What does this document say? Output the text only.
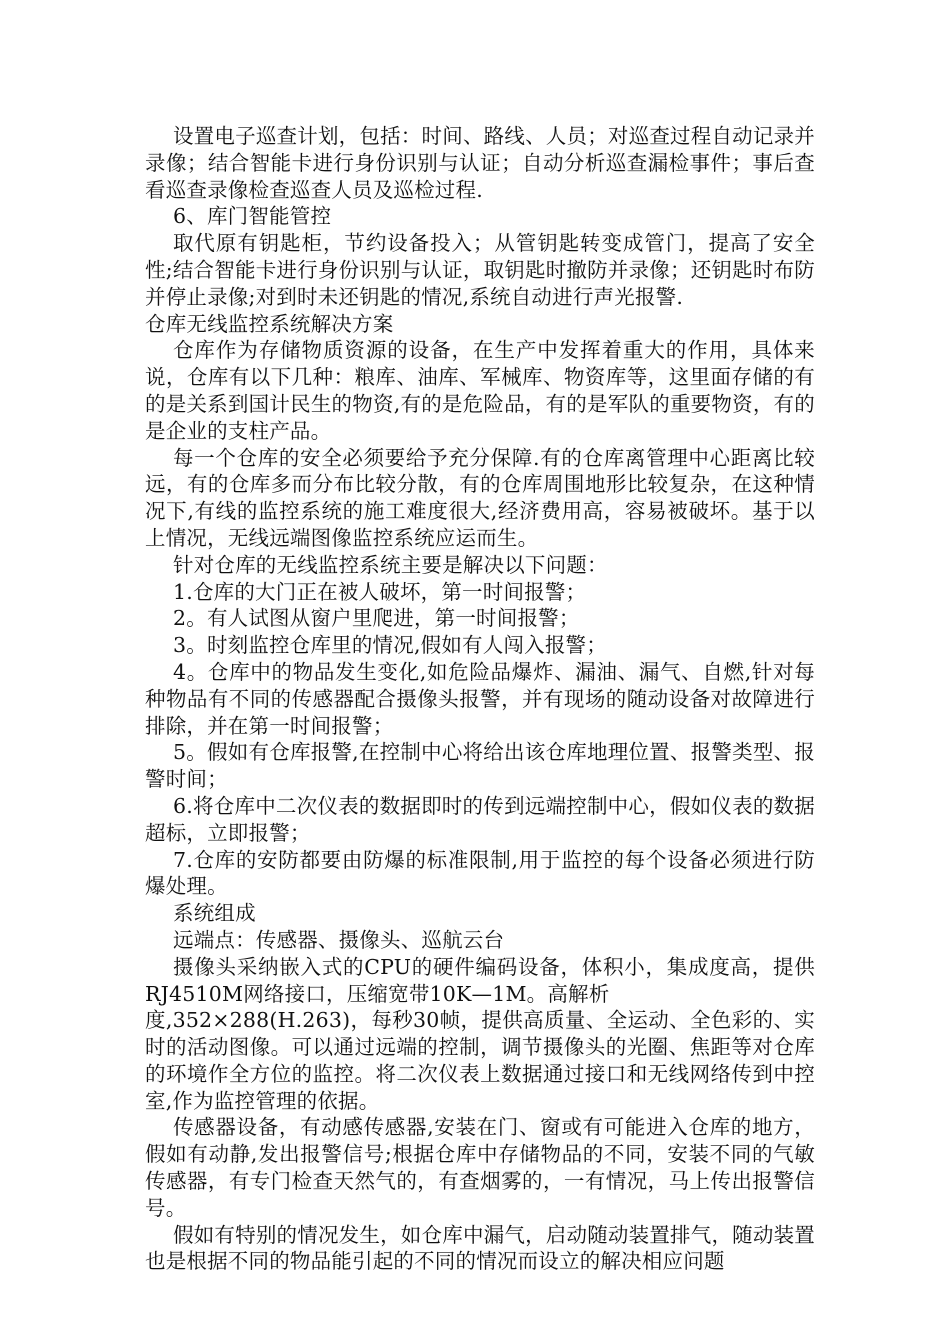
设置电子巡查计划，包括：时间、路线、人员；对巡查过程自动记录并录像；结合智能卡进行身份识别与认证；自动分析巡查漏检事件；事后查看巡查录像检查巡查人员及巡检过程.

6、库门智能管控

取代原有钥匙柜，节约设备投入；从管钥匙转变成管门，提高了安全性;结合智能卡进行身份识别与认证，取钥匙时撤防并录像；还钥匙时布防并停止录像;对到时未还钥匙的情况,系统自动进行声光报警.

仓库无线监控系统解决方案

仓库作为存储物质资源的设备，在生产中发挥着重大的作用，具体来说，仓库有以下几种：粮库、油库、军械库、物资库等，这里面存储的有的是关系到国计民生的物资,有的是危险品，有的是军队的重要物资，有的是企业的支柱产品。

每一个仓库的安全必须要给予充分保障.有的仓库离管理中心距离比较远，有的仓库多而分布比较分散，有的仓库周围地形比较复杂，在这种情况下,有线的监控系统的施工难度很大,经济费用高，容易被破坏。基于以上情况，无线远端图像监控系统应运而生。

针对仓库的无线监控系统主要是解决以下问题：

1.仓库的大门正在被人破坏，第一时间报警；

2。有人试图从窗户里爬进，第一时间报警；

3。时刻监控仓库里的情况,假如有人闯入报警；

4。仓库中的物品发生变化,如危险品爆炸、漏油、漏气、自燃,针对每种物品有不同的传感器配合摄像头报警，并有现场的随动设备对故障进行排除，并在第一时间报警；

5。假如有仓库报警,在控制中心将给出该仓库地理位置、报警类型、报警时间；

6.将仓库中二次仪表的数据即时的传到远端控制中心，假如仪表的数据超标，立即报警；

7.仓库的安防都要由防爆的标准限制,用于监控的每个设备必须进行防爆处理。

系统组成

远端点：传感器、摄像头、巡航云台

摄像头采纳嵌入式的CPU的硬件编码设备，体积小，集成度高，提供RJ4510M网络接口，压缩宽带10K—1M。高解析

度,352×288(H.263)，每秒30帧，提供高质量、全运动、全色彩的、实时的活动图像。可以通过远端的控制，调节摄像头的光圈、焦距等对仓库的环境作全方位的监控。将二次仪表上数据通过接口和无线网络传到中控室,作为监控管理的依据。

传感器设备，有动感传感器,安装在门、窗或有可能进入仓库的地方，假如有动静,发出报警信号;根据仓库中存储物品的不同，安装不同的气敏传感器，有专门检查天然气的，有查烟雾的，一有情况，马上传出报警信号。

假如有特别的情况发生，如仓库中漏气，启动随动装置排气，随动装置也是根据不同的物品能引起的不同的情况而设立的解决相应问题
